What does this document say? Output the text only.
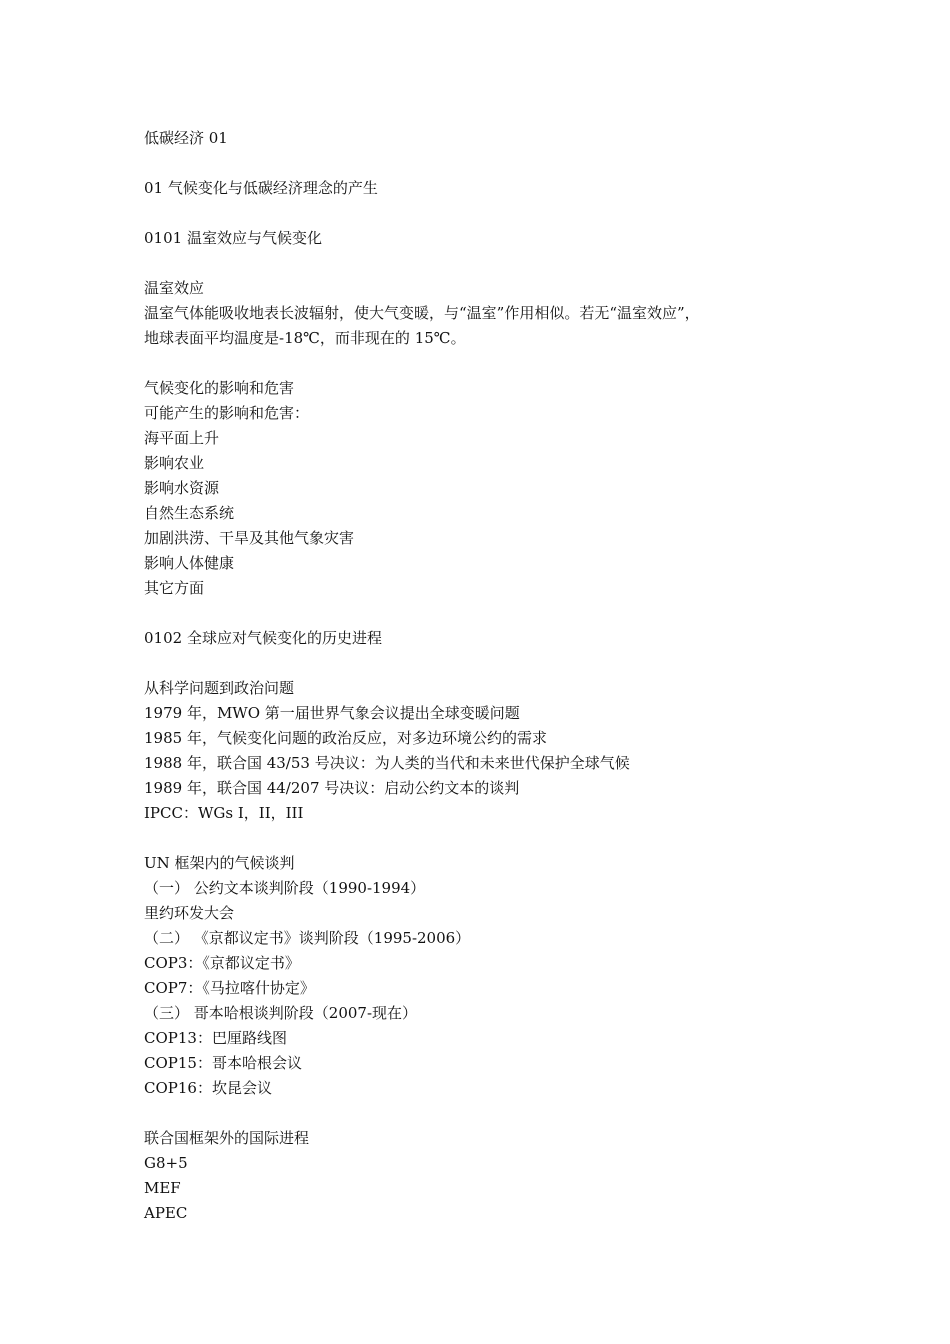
低碳经济 01
01 气候变化与低碳经济理念的产生
0101 温室效应与气候变化
温室效应
温室气体能吸收地表长波辐射，使大气变暖，与“温室”作用相似。若无“温室效应”，
地球表面平均温度是-18℃，而非现在的 15℃。
气候变化的影响和危害
可能产生的影响和危害：
海平面上升
影响农业
影响水资源
自然生态系统
加剧洪涝、干旱及其他气象灾害
影响人体健康
其它方面
0102 全球应对气候变化的历史进程
从科学问题到政治问题
1979 年，MWO 第一届世界气象会议提出全球变暖问题
1985 年，气候变化问题的政治反应，对多边环境公约的需求
1988 年，联合国 43/53 号决议：为人类的当代和未来世代保护全球气候
1989 年，联合国 44/207 号决议：启动公约文本的谈判
IPCC：WGs I，II，III
UN 框架内的气候谈判
（一） 公约文本谈判阶段（1990-1994）
里约环发大会
（二） 《京都议定书》谈判阶段（1995-2006）
COP3：《京都议定书》
COP7：《马拉喀什协定》
（三） 哥本哈根谈判阶段（2007-现在）
COP13：巴厘路线图
COP15：哥本哈根会议
COP16：坎昆会议
联合国框架外的国际进程
G8+5
MEF
APEC
